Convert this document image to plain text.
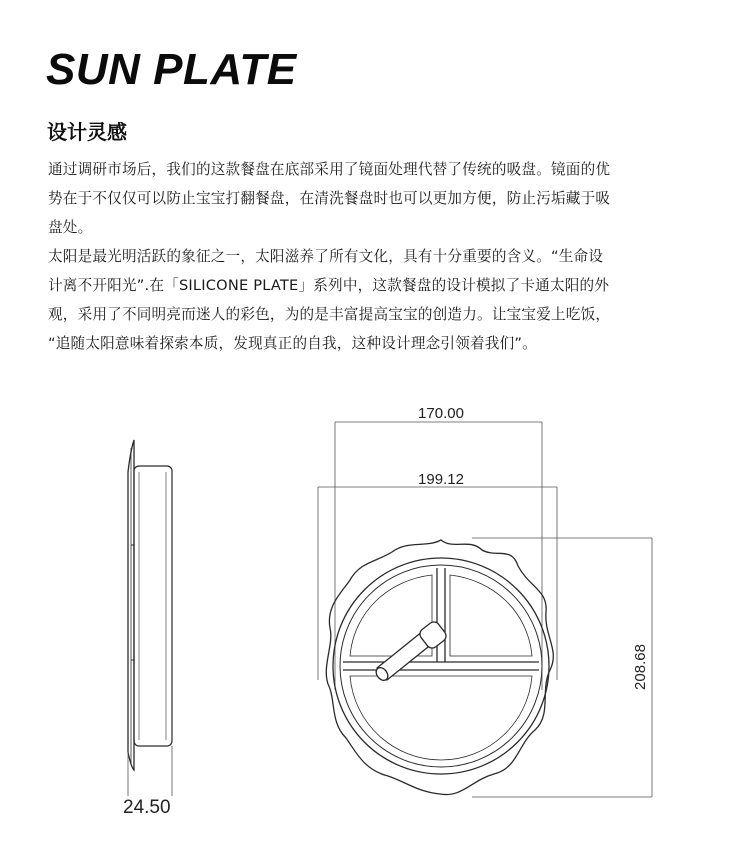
SUN PLATE
设计灵感
通过调研市场后，我们的这款餐盘在底部采用了镜面处理代替了传统的吸盘。镜面的优
势在于不仅仅可以防止宝宝打翻餐盘，在清洗餐盘时也可以更加方便，防止污垢藏于吸
盘处。
太阳是最光明活跃的象征之一，太阳滋养了所有文化，具有十分重要的含义。“生命设
计离不开阳光”.在「SILICONE PLATE」系列中，这款餐盘的设计模拟了卡通太阳的外
观，采用了不同明亮而迷人的彩色，为的是丰富提高宝宝的创造力。让宝宝爱上吃饭，
“追随太阳意味着探索本质，发现真正的自我，这种设计理念引领着我们”。
24.50
170.00
199.12
208.68
